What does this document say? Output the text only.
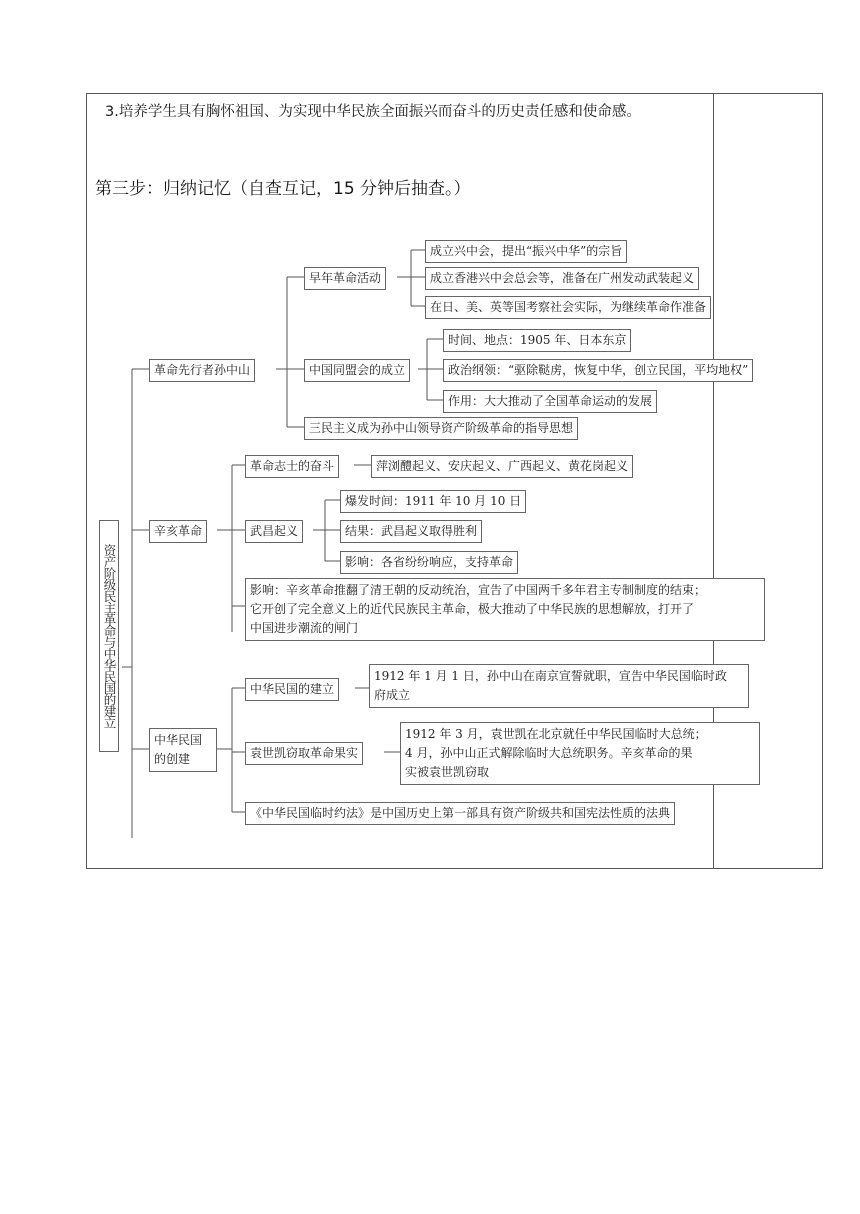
3.培养学生具有胸怀祖国、为实现中华民族全面振兴而奋斗的历史责任感和使命感。
第三步：归纳记忆（自查互记，15 分钟后抽查。）
资产阶级民主革命与中华民国的建立
革命先行者孙中山
早年革命活动
成立兴中会，提出“振兴中华”的宗旨
成立香港兴中会总会等，准备在广州发动武装起义
在日、美、英等国考察社会实际，为继续革命作准备
中国同盟会的成立
时间、地点：1905 年、日本东京
政治纲领：“驱除鞑虏，恢复中华，创立民国，平均地权”
作用：大大推动了全国革命运动的发展
三民主义成为孙中山领导资产阶级革命的指导思想
辛亥革命
革命志士的奋斗	萍浏醴起义、安庆起义、广西起义、黄花岗起义
武昌起义
爆发时间：1911 年 10 月 10 日
结果：武昌起义取得胜利
影响：各省纷纷响应，支持革命
影响：辛亥革命推翻了清王朝的反动统治，宣告了中国两千多年君主专制制度的结束；
它开创了完全意义上的近代民族民主革命，极大推动了中华民族的思想解放，打开了
中国进步潮流的闸门
中华民国
的创建
中华民国的建立
1912 年 1 月 1 日，孙中山在南京宣誓就职，宣告中华民国临时政
府成立
袁世凯窃取革命果实
1912 年 3 月，袁世凯在北京就任中华民国临时大总统；
4 月，孙中山正式解除临时大总统职务。辛亥革命的果
实被袁世凯窃取
《中华民国临时约法》是中国历史上第一部具有资产阶级共和国宪法性质的法典
